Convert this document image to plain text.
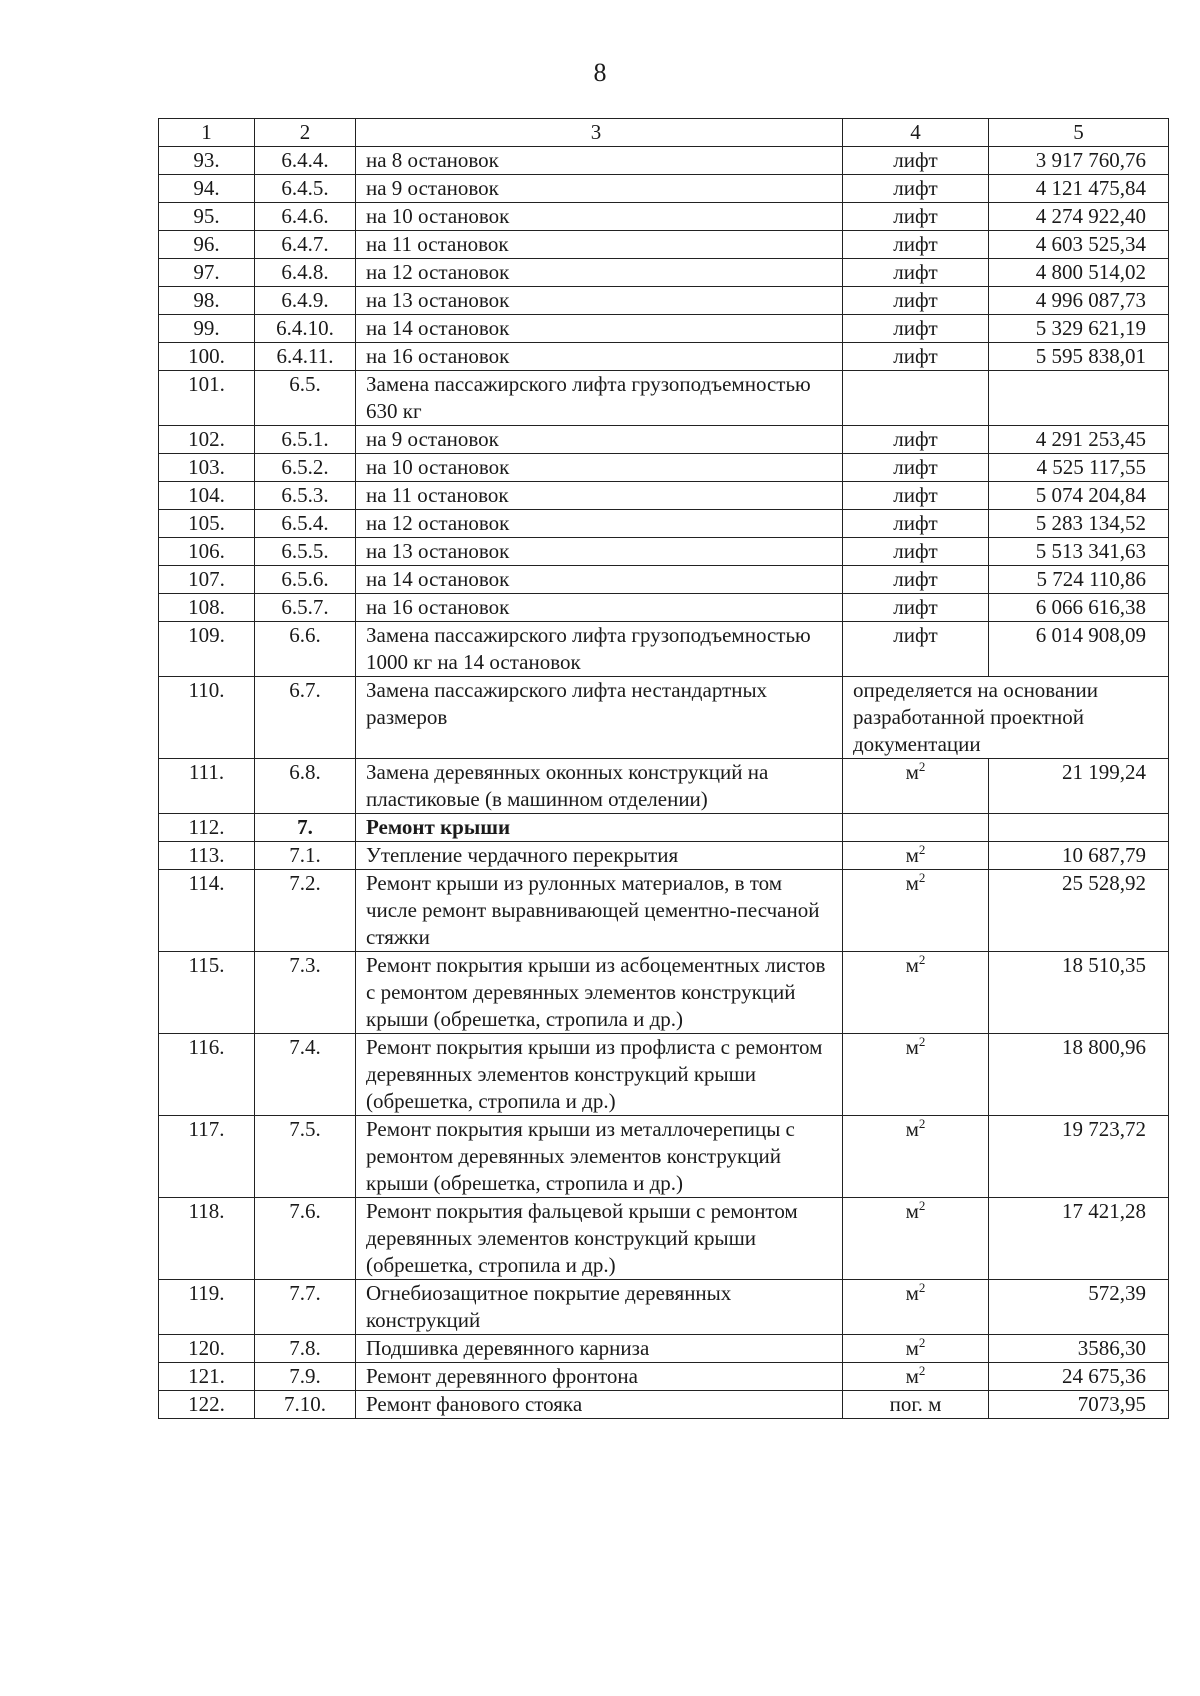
8
1	2	3	4	5
93.	6.4.4.	на 8 остановок	лифт	3 917 760,76
94.	6.4.5.	на 9 остановок	лифт	4 121 475,84
95.	6.4.6.	на 10 остановок	лифт	4 274 922,40
96.	6.4.7.	на 11 остановок	лифт	4 603 525,34
97.	6.4.8.	на 12 остановок	лифт	4 800 514,02
98.	6.4.9.	на 13 остановок	лифт	4 996 087,73
99.	6.4.10.	на 14 остановок	лифт	5 329 621,19
100.	6.4.11.	на 16 остановок	лифт	5 595 838,01
101.	6.5.	Замена пассажирского лифта грузоподъемностью 630 кг		
102.	6.5.1.	на 9 остановок	лифт	4 291 253,45
103.	6.5.2.	на 10 остановок	лифт	4 525 117,55
104.	6.5.3.	на 11 остановок	лифт	5 074 204,84
105.	6.5.4.	на 12 остановок	лифт	5 283 134,52
106.	6.5.5.	на 13 остановок	лифт	5 513 341,63
107.	6.5.6.	на 14 остановок	лифт	5 724 110,86
108.	6.5.7.	на 16 остановок	лифт	6 066 616,38
109.	6.6.	Замена пассажирского лифта грузоподъемностью 1000 кг на 14 остановок	лифт	6 014 908,09
110.	6.7.	Замена пассажирского лифта нестандартных размеров	определяется на основании разработанной проектной документации	
111.	6.8.	Замена деревянных оконных конструкций на пластиковые (в машинном отделении)	$м^2$	21 199,24
112.	7.	Ремонт крыши		
113.	7.1.	Утепление чердачного перекрытия	$м^2$	10 687,79
114.	7.2.	Ремонт крыши из рулонных материалов, в том числе ремонт выравнивающей цементно-песчаной стяжки	$м^2$	25 528,92
115.	7.3.	Ремонт покрытия крыши из асбоцементных листов с ремонтом деревянных элементов конструкций крыши (обрешетка, стропила и др.)	$м^2$	18 510,35
116.	7.4.	Ремонт покрытия крыши из профлиста с ремонтом деревянных элементов конструкций крыши (обрешетка, стропила и др.)	$м^2$	18 800,96
117.	7.5.	Ремонт покрытия крыши из металлочерепицы с ремонтом деревянных элементов конструкций крыши (обрешетка, стропила и др.)	$м^2$	19 723,72
118.	7.6.	Ремонт покрытия фальцевой крыши с ремонтом деревянных элементов конструкций крыши (обрешетка, стропила и др.)	$м^2$	17 421,28
119.	7.7.	Огнебиозащитное покрытие деревянных конструкций	$м^2$	572,39
120.	7.8.	Подшивка деревянного карниза	$м^2$	3586,30
121.	7.9.	Ремонт деревянного фронтона	$м^2$	24 675,36
122.	7.10.	Ремонт фанового стояка	пог. м	7073,95
